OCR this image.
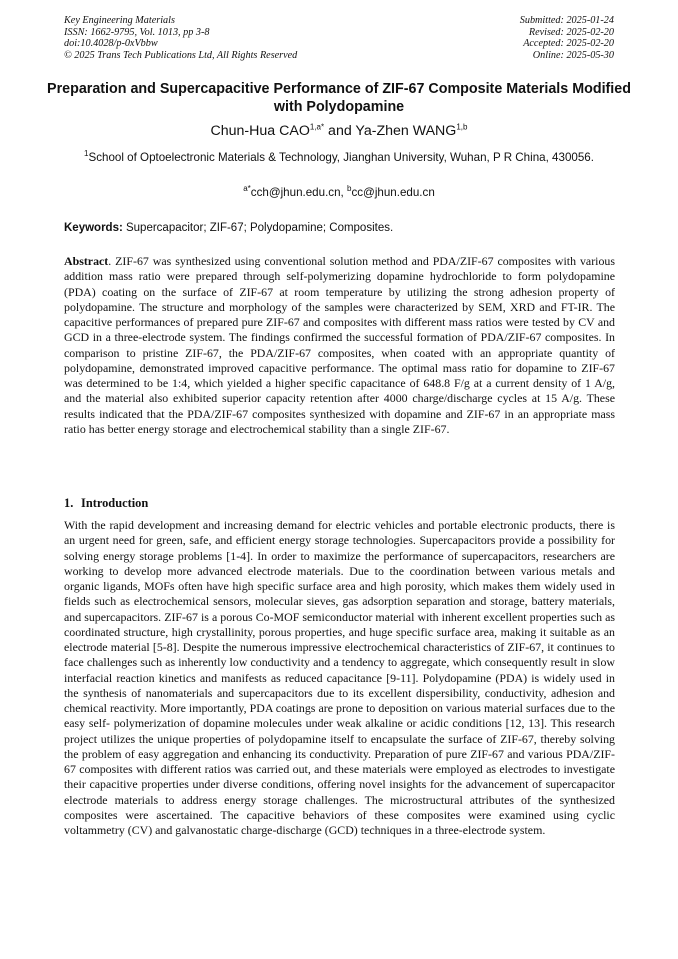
Key Engineering Materials
ISSN: 1662-9795, Vol. 1013, pp 3-8
doi:10.4028/p-0xVbbw
© 2025 Trans Tech Publications Ltd, All Rights Reserved
Submitted: 2025-01-24
Revised: 2025-02-20
Accepted: 2025-02-20
Online: 2025-05-30
Preparation and Supercapacitive Performance of ZIF-67 Composite Materials Modified with Polydopamine
Chun-Hua $CAO^{1,a*}$ and Ya-Zhen WANG$^{1,b}$
$^1$School of Optoelectronic Materials & Technology, Jianghan University, Wuhan, P R China, 430056.
$^{a*}$cch@jhun.edu.cn, $^b$cc@jhun.edu.cn
Keywords: Supercapacitor; ZIF-67; Polydopamine; Composites.

Abstract. ZIF-67 was synthesized using conventional solution method and PDA/ZIF-67 composites with various addition mass ratio were prepared through self-polymerizing dopamine hydrochloride to form polydopamine (PDA) coating on the surface of ZIF-67 at room temperature by utilizing the strong adhesion property of polydopamine. The structure and morphology of the samples were characterized by SEM, XRD and FT-IR. The capacitive performances of prepared pure ZIF-67 and composites with different mass ratios were tested by CV and GCD in a three-electrode system. The findings confirmed the successful formation of PDA/ZIF-67 composites. In comparison to pristine ZIF-67, the PDA/ZIF-67 composites, when coated with an appropriate quantity of polydopamine, demonstrated improved capacitive performance. The optimal mass ratio for dopamine to ZIF-67 was determined to be 1:4, which yielded a higher specific capacitance of 648.8 F/g at a current density of 1 A/g, and the material also exhibited superior capacity retention after 4000 charge/discharge cycles at 15 A/g. These results indicated that the PDA/ZIF-67 composites synthesized with dopamine and ZIF-67 in an appropriate mass ratio has better energy storage and electrochemical stability than a single ZIF-67.

1. Introduction

With the rapid development and increasing demand for electric vehicles and portable electronic products, there is an urgent need for green, safe, and efficient energy storage technologies. Supercapacitors provide a possibility for solving energy storage problems [1-4]. In order to maximize the performance of supercapacitors, researchers are working to develop more advanced electrode materials. Due to the coordination between various metals and organic ligands, MOFs often have high specific surface area and high porosity, which makes them widely used in fields such as electrochemical sensors, molecular sieves, gas adsorption separation and storage, battery materials, and supercapacitors. ZIF-67 is a porous Co-MOF semiconductor material with inherent excellent properties such as coordinated structure, high crystallinity, porous properties, and huge specific surface area, making it suitable as an electrode material [5-8]. Despite the numerous impressive electrochemical characteristics of ZIF-67, it continues to face challenges such as inherently low conductivity and a tendency to aggregate, which consequently result in slow interfacial reaction kinetics and manifests as reduced capacitance [9-11]. Polydopamine (PDA) is widely used in the synthesis of nanomaterials and supercapacitors due to its excellent dispersibility, conductivity, adhesion and chemical reactivity. More importantly, PDA coatings are prone to deposition on various material surfaces due to the easy self- polymerization of dopamine molecules under weak alkaline or acidic conditions [12, 13]. This research project utilizes the unique properties of polydopamine itself to encapsulate the surface of ZIF-67, thereby solving the problem of easy aggregation and enhancing its conductivity. Preparation of pure ZIF-67 and various PDA/ZIF-67 composites with different ratios was carried out, and these materials were employed as electrodes to investigate their capacitive properties under diverse conditions, offering novel insights for the advancement of supercapacitor electrode materials to address energy storage challenges. The microstructural attributes of the synthesized composites were ascertained. The capacitive behaviors of these composites were examined using cyclic voltammetry (CV) and galvanostatic charge-discharge (GCD) techniques in a three-electrode system.
